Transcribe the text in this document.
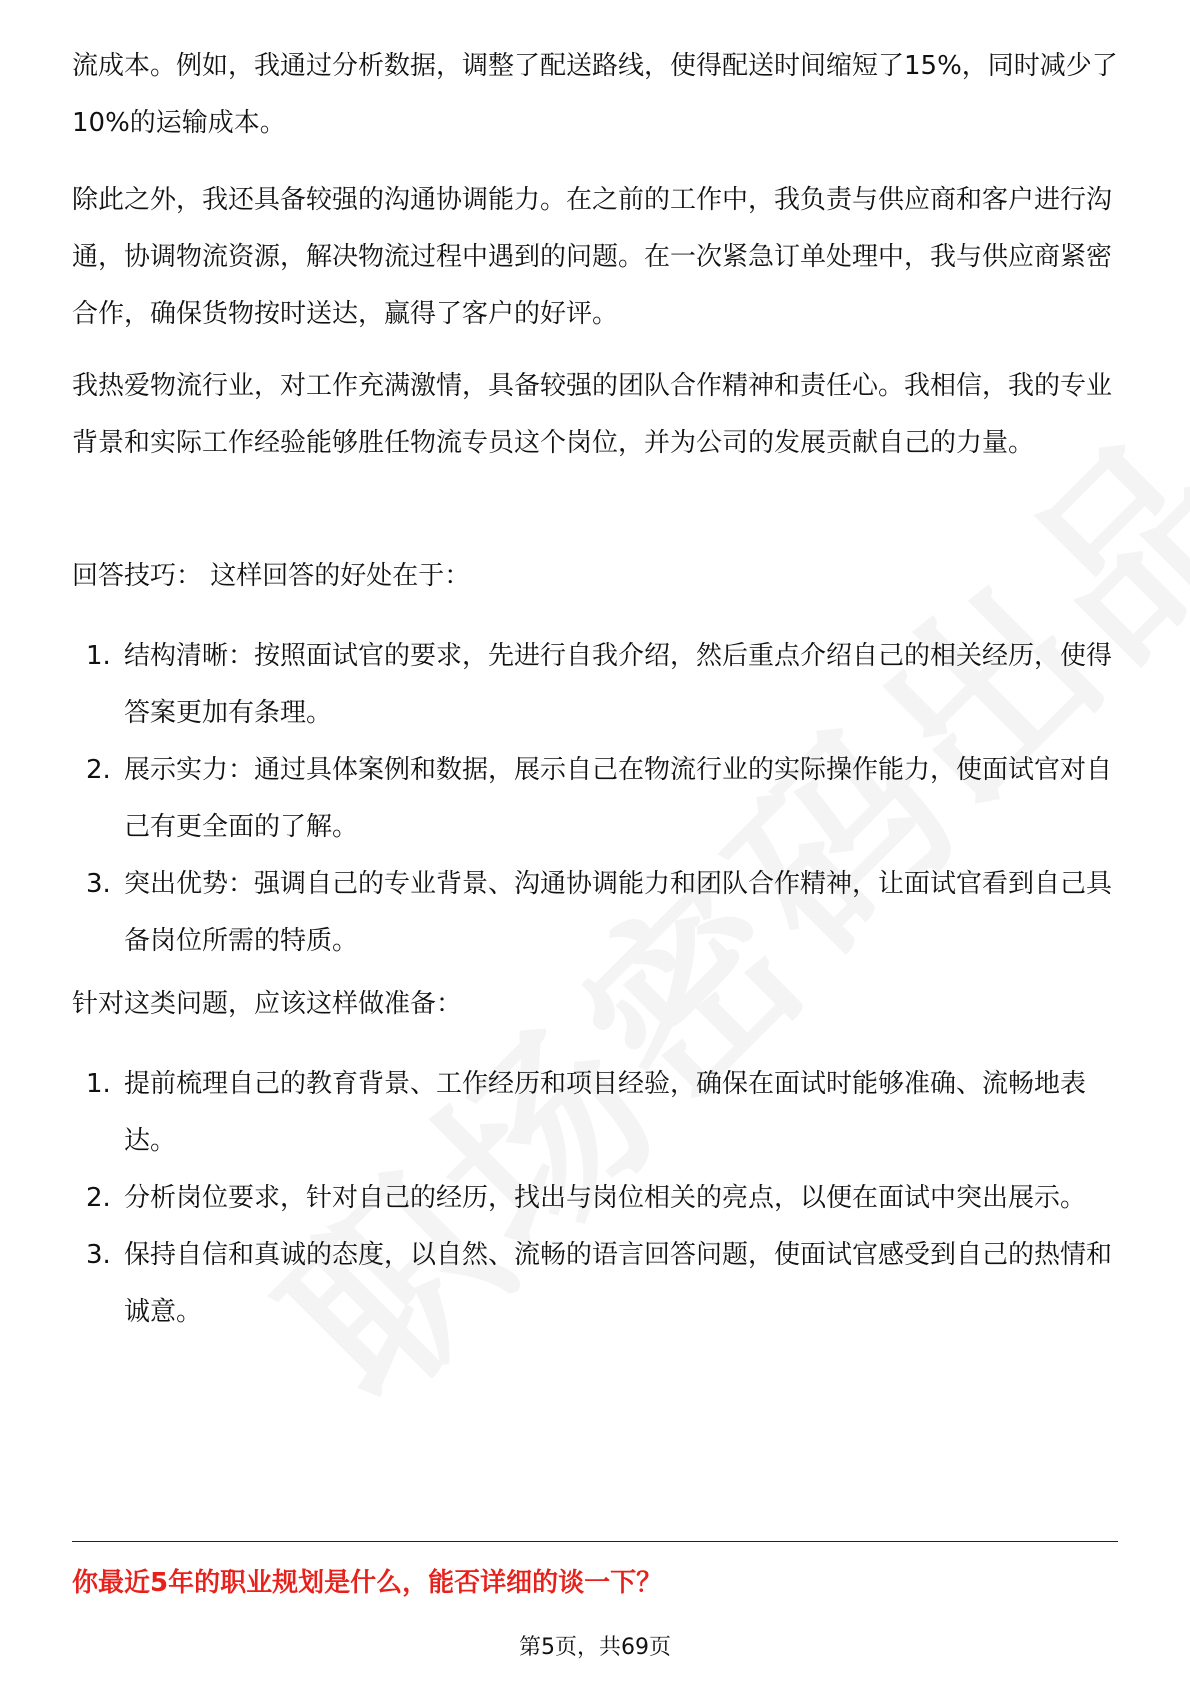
流成本。例如，我通过分析数据，调整了配送路线，使得配送时间缩短了15%，同时减少了10%的运输成本。

除此之外，我还具备较强的沟通协调能力。在之前的工作中，我负责与供应商和客户进行沟通，协调物流资源，解决物流过程中遇到的问题。在一次紧急订单处理中，我与供应商紧密合作，确保货物按时送达，赢得了客户的好评。

我热爱物流行业，对工作充满激情，具备较强的团队合作精神和责任心。我相信，我的专业背景和实际工作经验能够胜任物流专员这个岗位，并为公司的发展贡献自己的力量。

回答技巧： 这样回答的好处在于：

1. 结构清晰：按照面试官的要求，先进行自我介绍，然后重点介绍自己的相关经历，使得答案更加有条理。
2. 展示实力：通过具体案例和数据，展示自己在物流行业的实际操作能力，使面试官对自己有更全面的了解。
3. 突出优势：强调自己的专业背景、沟通协调能力和团队合作精神，让面试官看到自己具备岗位所需的特质。

针对这类问题，应该这样做准备：

1. 提前梳理自己的教育背景、工作经历和项目经验，确保在面试时能够准确、流畅地表达。
2. 分析岗位要求，针对自己的经历，找出与岗位相关的亮点，以便在面试中突出展示。
3. 保持自信和真诚的态度，以自然、流畅的语言回答问题，使面试官感受到自己的热情和诚意。

你最近5年的职业规划是什么，能否详细的谈一下？

第5页，共69页
